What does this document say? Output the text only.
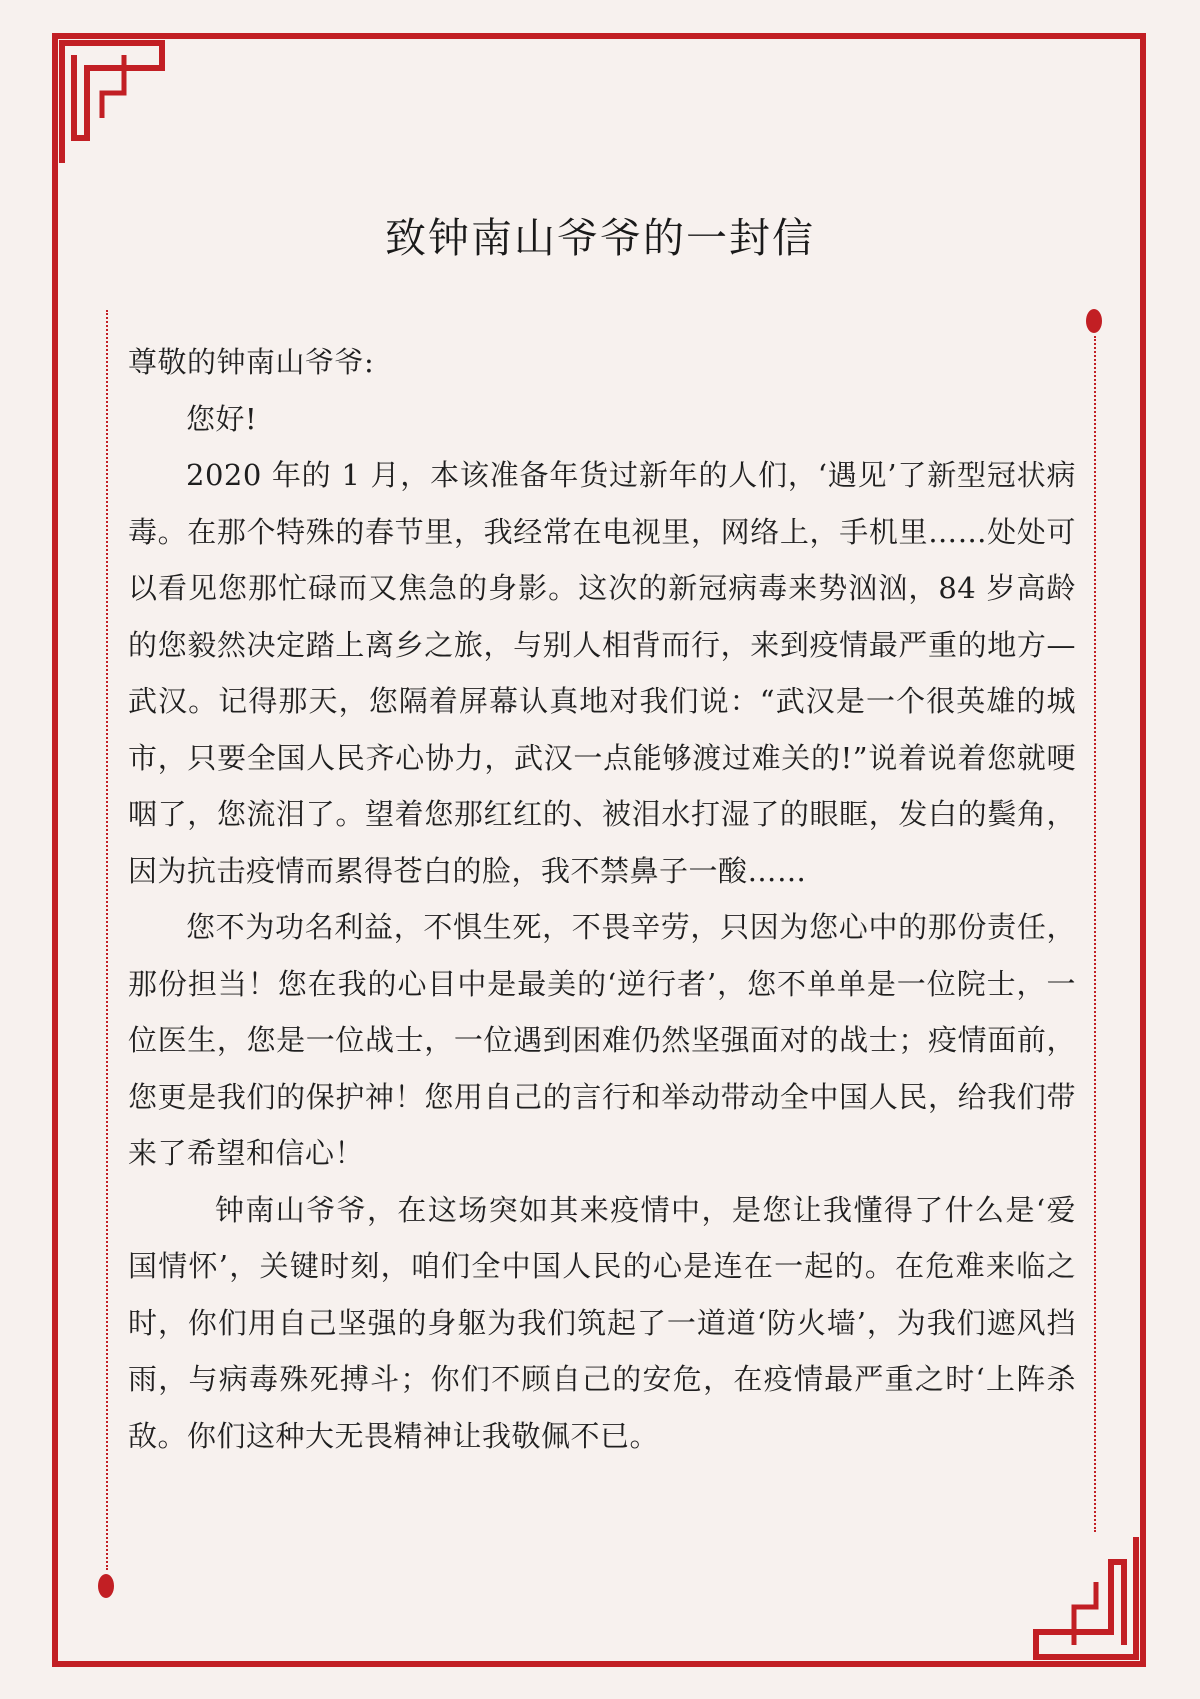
致钟南山爷爷的一封信

尊敬的钟南山爷爷:

您好!

2020 年的 1 月，本该准备年货过新年的人们，‘遇见’了新型冠状病毒。在那个特殊的春节里，我经常在电视里，网络上，手机里……处处可以看见您那忙碌而又焦急的身影。这次的新冠病毒来势汹汹，84 岁高龄的您毅然决定踏上离乡之旅，与别人相背而行，来到疫情最严重的地方—武汉。记得那天，您隔着屏幕认真地对我们说：“武汉是一个很英雄的城市，只要全国人民齐心协力，武汉一点能够渡过难关的!”说着说着您就哽咽了，您流泪了。望着您那红红的、被泪水打湿了的眼眶，发白的鬓角，因为抗击疫情而累得苍白的脸，我不禁鼻子一酸……

您不为功名利益，不惧生死，不畏辛劳，只因为您心中的那份责任，那份担当！您在我的心目中是最美的‘逆行者’，您不单单是一位院士，一位医生，您是一位战士，一位遇到困难仍然坚强面对的战士；疫情面前，您更是我们的保护神！您用自己的言行和举动带动全中国人民，给我们带来了希望和信心！

钟南山爷爷，在这场突如其来疫情中，是您让我懂得了什么是‘爱国情怀’，关键时刻，咱们全中国人民的心是连在一起的。在危难来临之时，你们用自己坚强的身躯为我们筑起了一道道‘防火墙’，为我们遮风挡雨，与病毒殊死搏斗；你们不顾自己的安危，在疫情最严重之时‘上阵杀敌。你们这种大无畏精神让我敬佩不已。
